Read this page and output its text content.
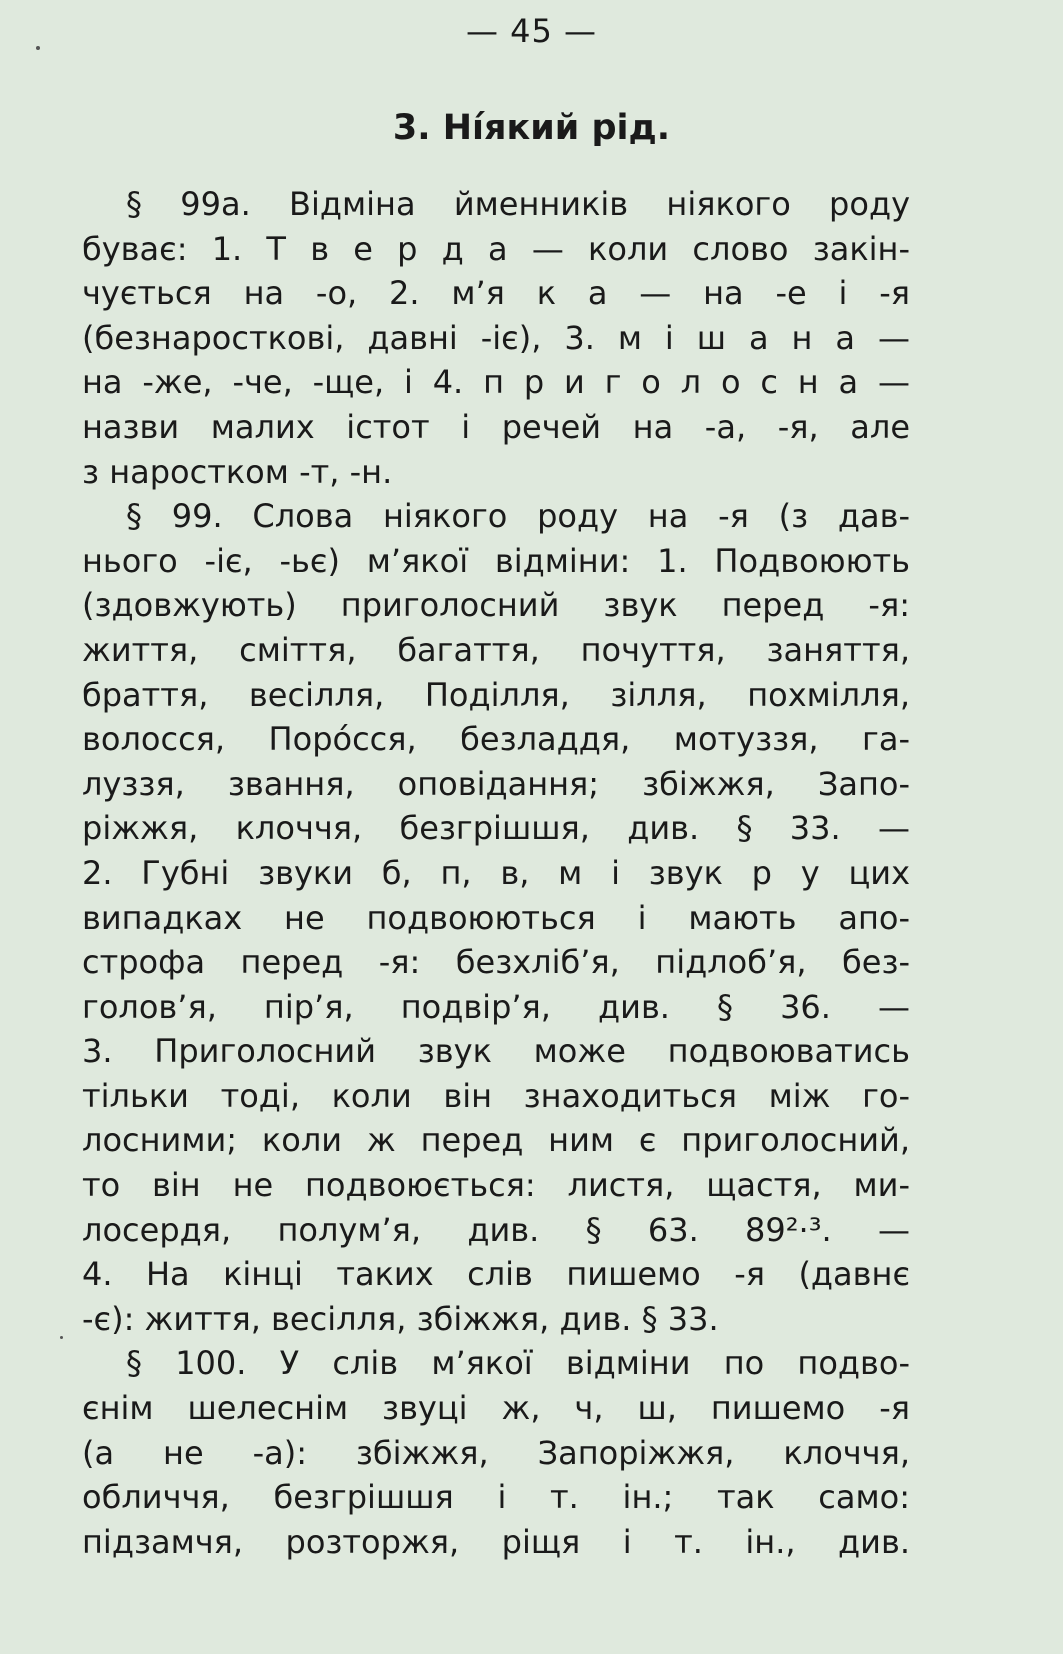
— 45 —
3. Ні́який рід.
§ 99а. Відміна йменників ніякого роду
буває: 1. Т в е р д а — коли слово закін-
чується на -о, 2. м’я к а — на -е і -я
(безнаросткові, давні -іє), 3. м і ш а н а —
на -же, -че, -ще, і 4. п р и г о л о с н а —
назви малих істот і речей на -а, -я, але
з наростком -т, -н.
§ 99. Слова ніякого роду на -я (з дав-
нього -іє, -ьє) м’якої відміни: 1. Подвоюють
(здовжують) приголосний звук перед -я:
життя, сміття, багаття, почуття, заняття,
браття, весілля, Поділля, зілля, похмілля,
волосся, Поро́сся, безладдя, мотуззя, га-
луззя, звання, оповідання; збіжжя, Запо-
ріжжя, клоччя, безгрішшя, див. § 33. —
2. Губні звуки б, п, в, м і звук р у цих
випадках не подвоюються і мають апо-
строфа перед -я: безхліб’я, підлоб’я, без-
голов’я, пір’я, подвір’я, див. § 36. —
3. Приголосний звук може подвоюватись
тільки тоді, коли він знаходиться між го-
лосними; коли ж перед ним є приголосний,
то він не подвоюється: листя, щастя, ми-
лосердя, полум’я, див. § 63. 89²·³. —
4. На кінці таких слів пишемо -я (давнє
-є): життя, весілля, збіжжя, див. § 33.
§ 100. У слів м’якої відміни по подво-
єнім шелеснім звуці ж, ч, ш, пишемо -я
(а не -а): збіжжя, Запоріжжя, клоччя,
обличчя, безгрішшя і т. ін.; так само:
підзамчя, розторжя, ріщя і т. ін., див.
